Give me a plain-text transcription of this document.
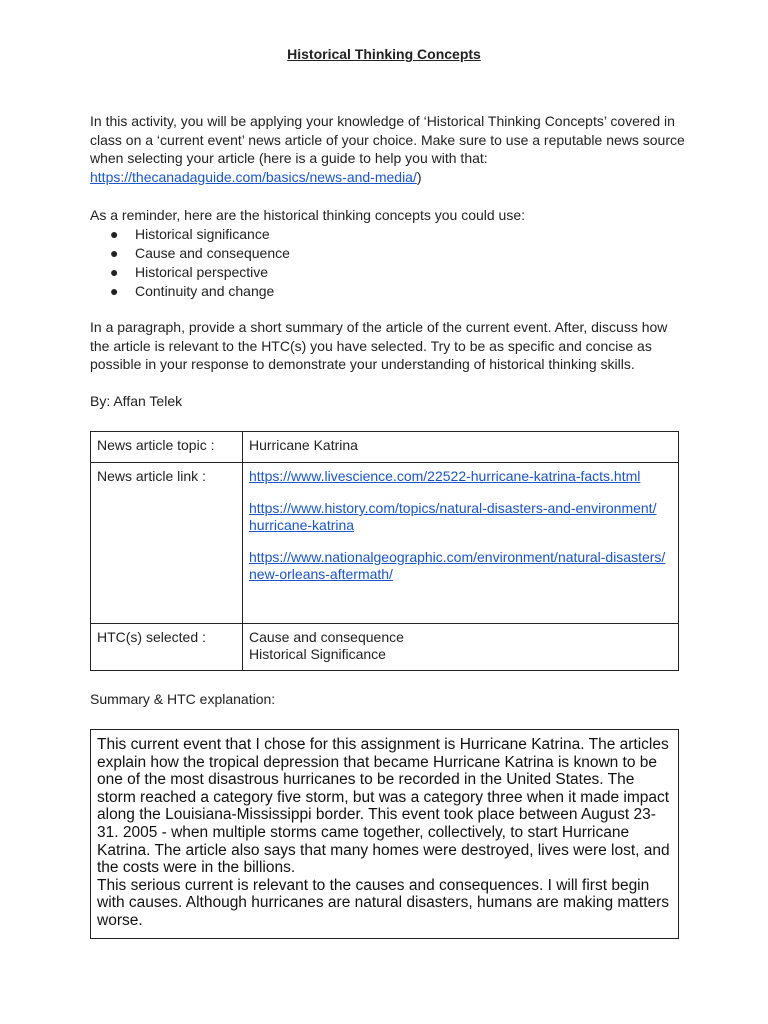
Historical Thinking Concepts

In this activity, you will be applying your knowledge of ‘Historical Thinking Concepts’ covered in class on a ‘current event’ news article of your choice. Make sure to use a reputable news source when selecting your article (here is a guide to help you with that: https://thecanadaguide.com/basics/news-and-media/)

As a reminder, here are the historical thinking concepts you could use:
● Historical significance
● Cause and consequence
● Historical perspective
● Continuity and change
In a paragraph, provide a short summary of the article of the current event. After, discuss how the article is relevant to the HTC(s) you have selected. Try to be as specific and concise as possible in your response to demonstrate your understanding of historical thinking skills.
By: Affan Telek
News article topic :	Hurricane Katrina
News article link :	https://www.livescience.com/22522-hurricane-katrina-facts.html
https://www.history.com/topics/natural-disasters-and-environment/ hurricane-katrina
https://www.nationalgeographic.com/environment/natural-disasters/ new-orleans-aftermath/

HTC(s) selected :	Cause and consequence
Historical Significance
Summary & HTC explanation:

This current event that I chose for this assignment is Hurricane Katrina. The articles explain how the tropical depression that became Hurricane Katrina is known to be one of the most disastrous hurricanes to be recorded in the United States. The storm reached a category five storm, but was a category three when it made impact along the Louisiana-Mississippi border. This event took place between August 23-31. 2005 - when multiple storms came together, collectively, to start Hurricane Katrina. The article also says that many homes were destroyed, lives were lost, and the costs were in the billions.

This serious current is relevant to the causes and consequences. I will first begin with causes. Although hurricanes are natural disasters, humans are making matters worse.
